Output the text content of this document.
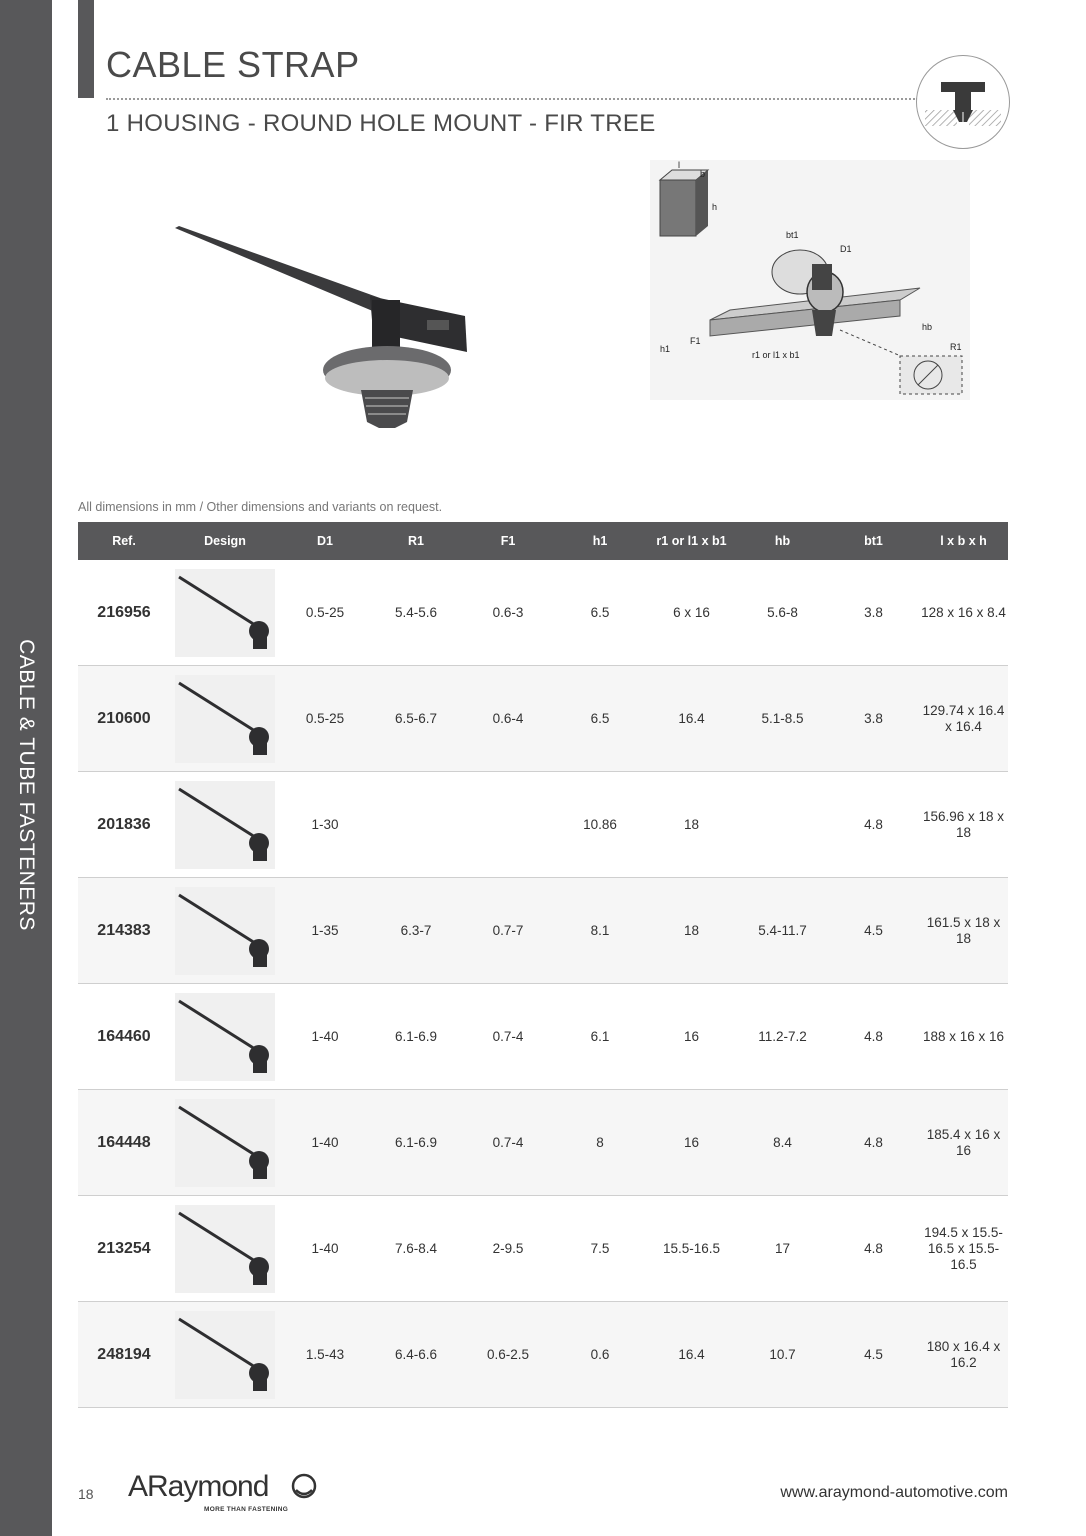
CABLE & TUBE FASTENERS
CABLE STRAP
1 HOUSING - ROUND HOLE MOUNT - FIR TREE
l
b
h
bt1
D1
hb
h1
F1
r1 or l1 x b1
R1
All dimensions in mm / Other dimensions and variants on request.
Ref.	Design	D1	R1	F1	h1	r1 or l1 x b1	hb	bt1	l x b x h
216956		0.5-25	5.4-5.6	0.6-3	6.5	6 x 16	5.6-8	3.8	128 x 16 x 8.4
210600		0.5-25	6.5-6.7	0.6-4	6.5	16.4	5.1-8.5	3.8	129.74 x 16.4 x 16.4
201836		1-30			10.86	18		4.8	156.96 x 18 x 18
214383		1-35	6.3-7	0.7-7	8.1	18	5.4-11.7	4.5	161.5 x 18 x 18
164460		1-40	6.1-6.9	0.7-4	6.1	16	11.2-7.2	4.8	188 x 16 x 16
164448		1-40	6.1-6.9	0.7-4	8	16	8.4	4.8	185.4 x 16 x 16
213254		1-40	7.6-8.4	2-9.5	7.5	15.5-16.5	17	4.8	194.5 x 15.5-16.5 x 15.5-16.5
248194		1.5-43	6.4-6.6	0.6-2.5	0.6	16.4	10.7	4.5	180 x 16.4 x 16.2
18 ARaymond
MORE THAN FASTENING
www.araymond-automotive.com
